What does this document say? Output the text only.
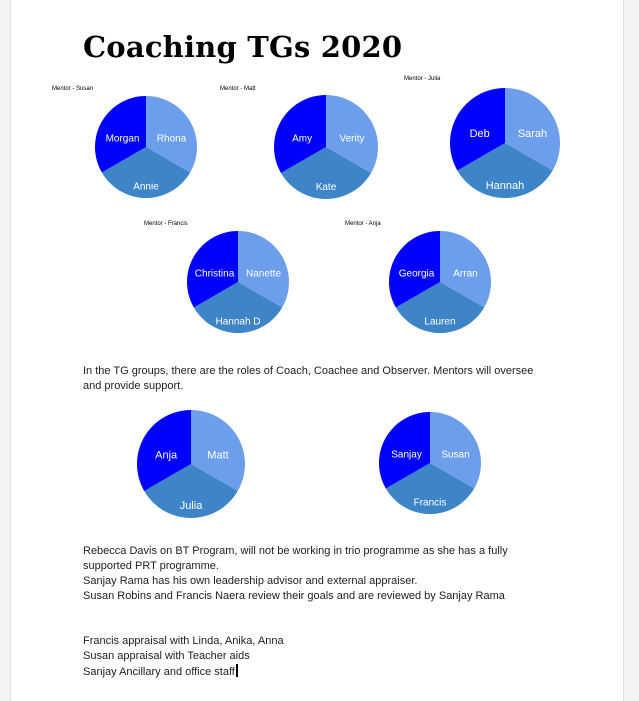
Coaching TGs 2020
Mentor - Susan	Mentor - Matt
Mentor - Julia
Mentor - Francis	Mentor - Anja
Rhona
Annie
Morgan	Verity
Kate
Amy	Sarah
Hannah
Deb
Nanette
Hannah D
Christina	Arran
Lauren
Georgia
In the TG groups, there are the roles of Coach, Coachee and Observer. Mentors will oversee and provide support.
Matt
Julia
Anja	Susan
Francis
Sanjay

Rebecca Davis on BT Program, will not be working in trio programme as she has a fully supported PRT programme.

Sanjay Rama has his own leadership advisor and external appraiser.

Susan Robins and Francis Naera review their goals and are reviewed by Sanjay Rama

Francis appraisal with Linda, Anika, Anna

Susan appraisal with Teacher aids

Sanjay Ancillary and office staff
